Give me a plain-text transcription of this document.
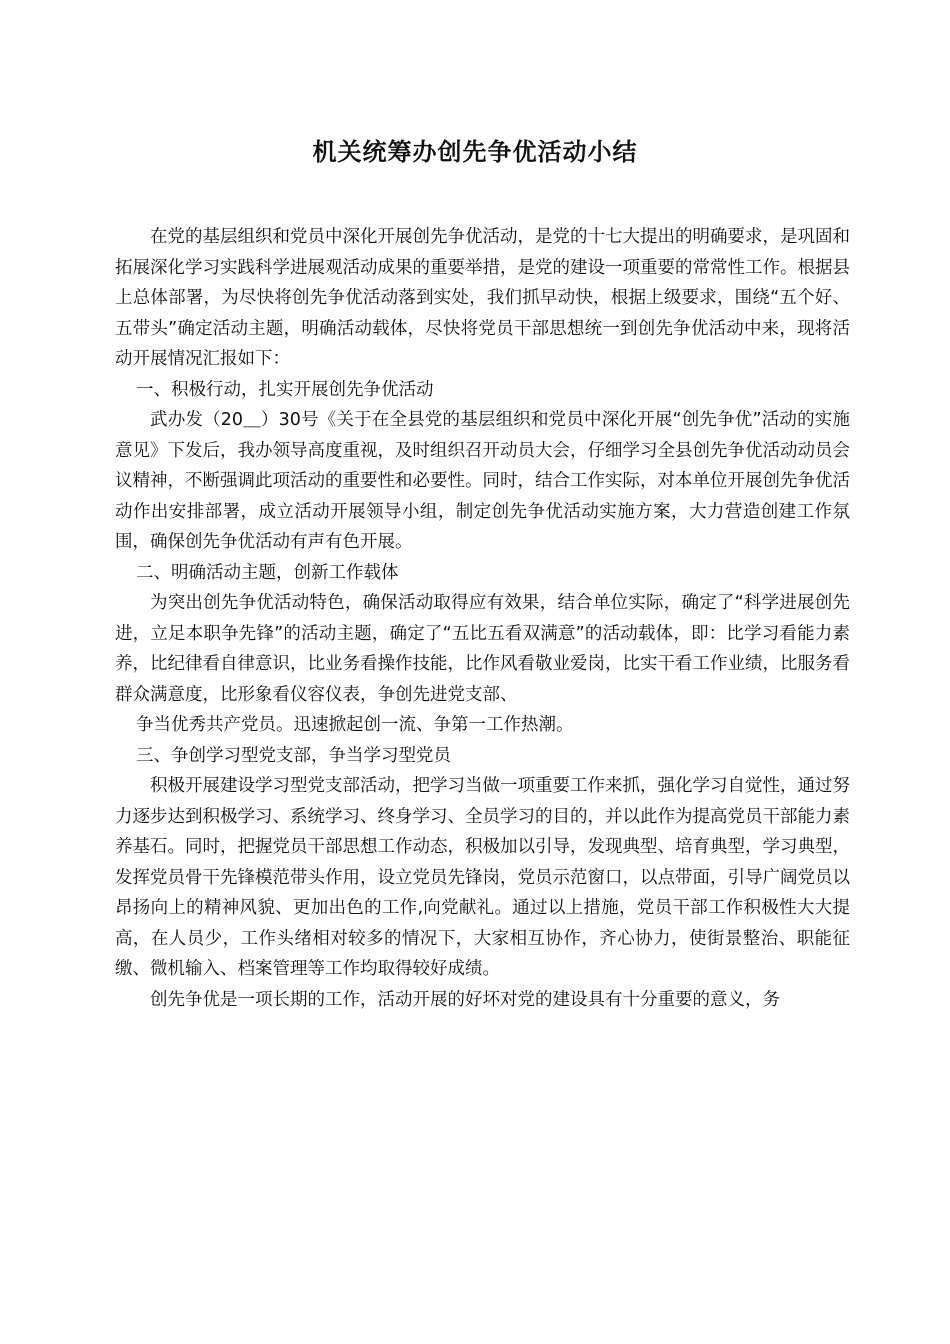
机关统筹办创先争优活动小结

在党的基层组织和党员中深化开展创先争优活动，是党的十七大提出的明确要求，是巩固和拓展深化学习实践科学进展观活动成果的重要举措，是党的建设一项重要的常常性工作。根据县上总体部署，为尽快将创先争优活动落到实处，我们抓早动快，根据上级要求，围绕“五个好、五带头”确定活动主题，明确活动载体，尽快将党员干部思想统一到创先争优活动中来，现将活动开展情况汇报如下：

一、积极行动，扎实开展创先争优活动

武办发（20＿）30号《关于在全县党的基层组织和党员中深化开展“创先争优”活动的实施意见》下发后，我办领导高度重视，及时组织召开动员大会，仔细学习全县创先争优活动动员会议精神，不断强调此项活动的重要性和必要性。同时，结合工作实际，对本单位开展创先争优活动作出安排部署，成立活动开展领导小组，制定创先争优活动实施方案，大力营造创建工作氛围，确保创先争优活动有声有色开展。

二、明确活动主题，创新工作载体

为突出创先争优活动特色，确保活动取得应有效果，结合单位实际，确定了“科学进展创先进，立足本职争先锋”的活动主题，确定了“五比五看双满意”的活动载体，即：比学习看能力素养，比纪律看自律意识，比业务看操作技能，比作风看敬业爱岗，比实干看工作业绩，比服务看群众满意度，比形象看仪容仪表，争创先进党支部、

争当优秀共产党员。迅速掀起创一流、争第一工作热潮。

三、争创学习型党支部，争当学习型党员

积极开展建设学习型党支部活动，把学习当做一项重要工作来抓，强化学习自觉性，通过努力逐步达到积极学习、系统学习、终身学习、全员学习的目的，并以此作为提高党员干部能力素养基石。同时，把握党员干部思想工作动态，积极加以引导，发现典型、培育典型，学习典型，发挥党员骨干先锋模范带头作用，设立党员先锋岗，党员示范窗口，以点带面，引导广阔党员以昂扬向上的精神风貌、更加出色的工作,向党献礼。通过以上措施，党员干部工作积极性大大提高，在人员少，工作头绪相对较多的情况下，大家相互协作，齐心协力，使街景整治、职能征缴、微机输入、档案管理等工作均取得较好成绩。

创先争优是一项长期的工作，活动开展的好坏对党的建设具有十分重要的意义，务
